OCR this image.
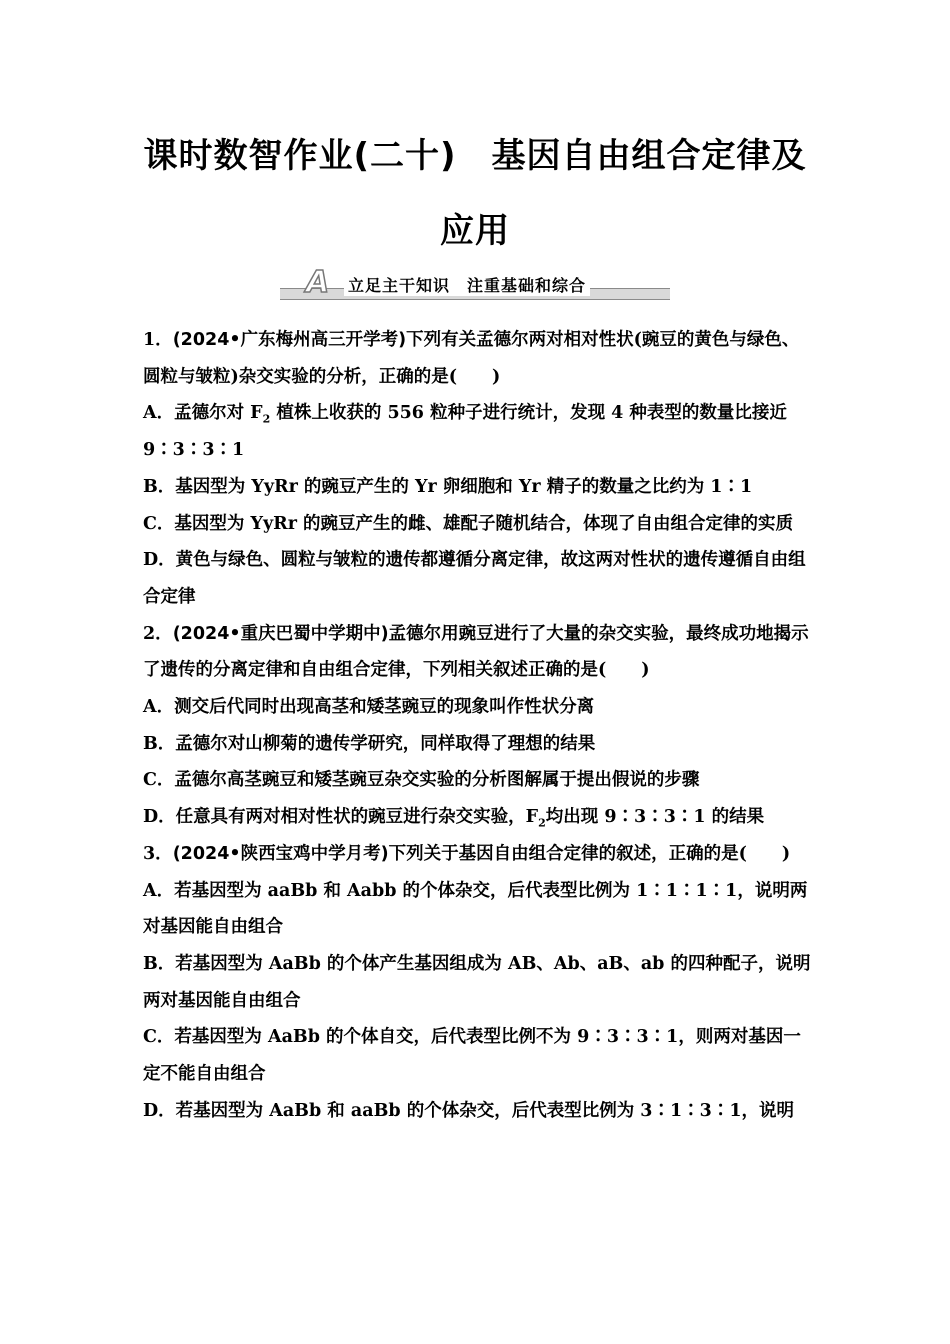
课时数智作业(二十)　基因自由组合定律及
应用
A 立足主干知识　注重基础和综合

1．(2024•广东梅州高三开学考)下列有关孟德尔两对相对性状(豌豆的黄色与绿色、圆粒与皱粒)杂交实验的分析，正确的是(　　)

A．孟德尔对 $F_2$ 植株上收获的 556 粒种子进行统计，发现 4 种表型的数量比接近 9∶3∶3∶1

B．基因型为 YyRr 的豌豆产生的 Yr 卵细胞和 Yr 精子的数量之比约为 1∶1

C．基因型为 YyRr 的豌豆产生的雌、雄配子随机结合，体现了自由组合定律的实质

D．黄色与绿色、圆粒与皱粒的遗传都遵循分离定律，故这两对性状的遗传遵循自由组合定律

2．(2024•重庆巴蜀中学期中)孟德尔用豌豆进行了大量的杂交实验，最终成功地揭示了遗传的分离定律和自由组合定律，下列相关叙述正确的是(　　)

A．测交后代同时出现高茎和矮茎豌豆的现象叫作性状分离

B．孟德尔对山柳菊的遗传学研究，同样取得了理想的结果

C．孟德尔高茎豌豆和矮茎豌豆杂交实验的分析图解属于提出假说的步骤

D．任意具有两对相对性状的豌豆进行杂交实验，$F_2$均出现 9∶3∶3∶1 的结果

3．(2024•陕西宝鸡中学月考)下列关于基因自由组合定律的叙述，正确的是(　　)

A．若基因型为 aaBb 和 Aabb 的个体杂交，后代表型比例为 1∶1∶1∶1，说明两对基因能自由组合

B．若基因型为 AaBb 的个体产生基因组成为 AB、Ab、aB、ab 的四种配子，说明两对基因能自由组合

C．若基因型为 AaBb 的个体自交，后代表型比例不为 9∶3∶3∶1，则两对基因一定不能自由组合

D．若基因型为 AaBb 和 aaBb 的个体杂交，后代表型比例为 3∶1∶3∶1，说明
